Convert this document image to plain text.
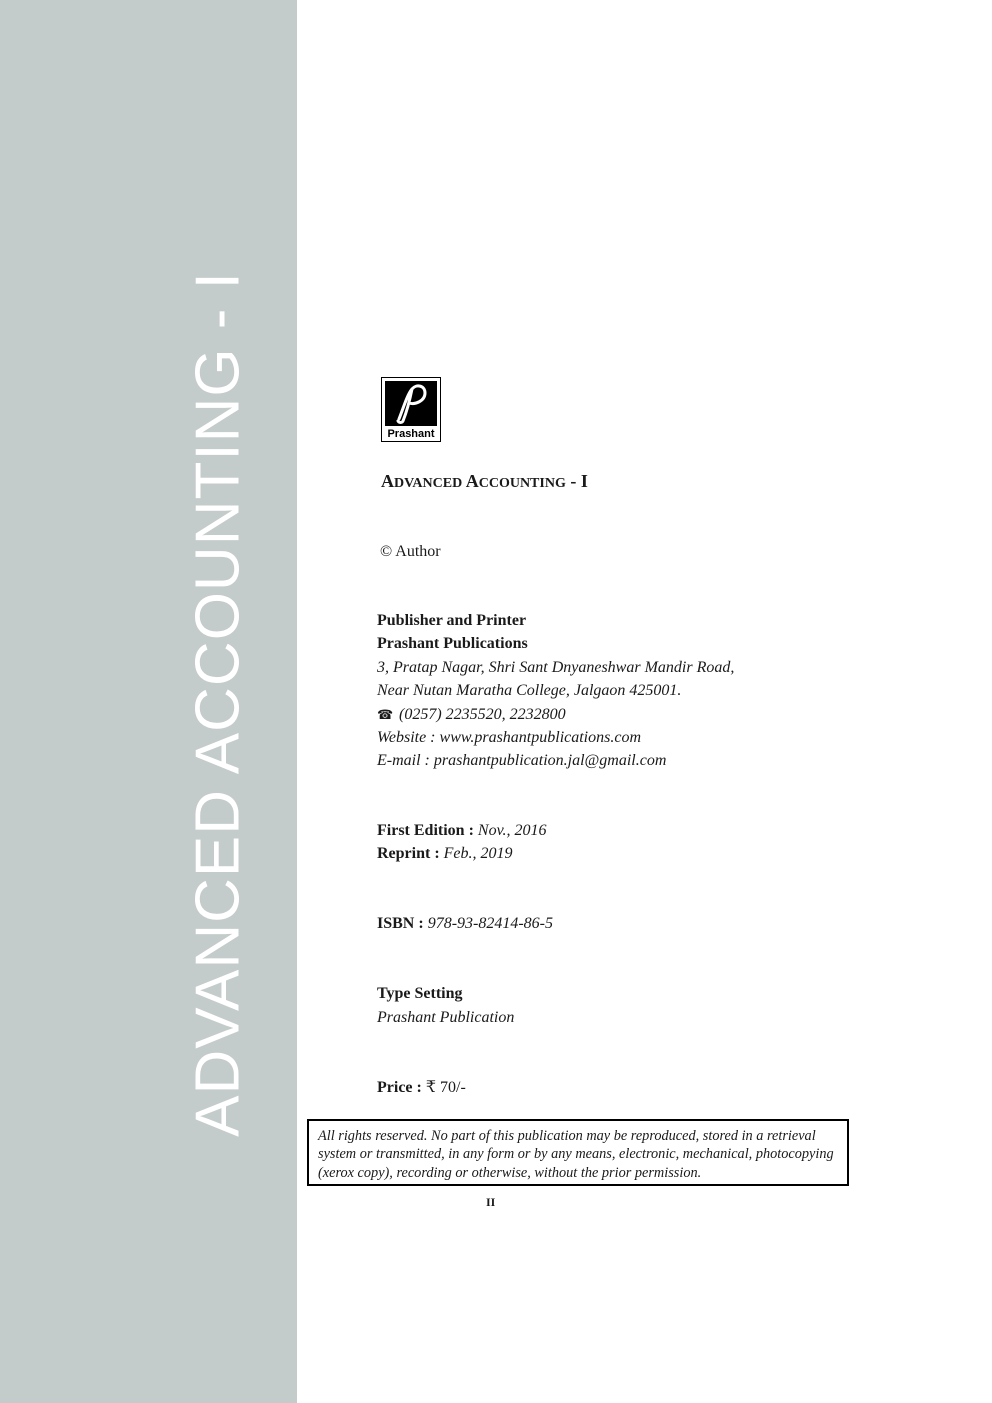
ADVANCED ACCOUNTING - I	Prashant
ADVANCED ACCOUNTING - I
© Author
Publisher and Printer
Prashant Publications
3, Pratap Nagar, Shri Sant Dnyaneshwar Mandir Road,
Near Nutan Maratha College, Jalgaon 425001.
☎ (0257) 2235520, 2232800
Website : www.prashantpublications.com
E-mail : prashantpublication.jal@gmail.com
First Edition : Nov., 2016
Reprint : Feb., 2019
ISBN : 978-93-82414-86-5
Type Setting
Prashant Publication
Price : ₹ 70/-
All rights reserved. No part of this publication may be reproduced, stored in a retrieval
system or transmitted, in any form or by any means, electronic, mechanical, photocopying
(xerox copy), recording or otherwise, without the prior permission.
II
